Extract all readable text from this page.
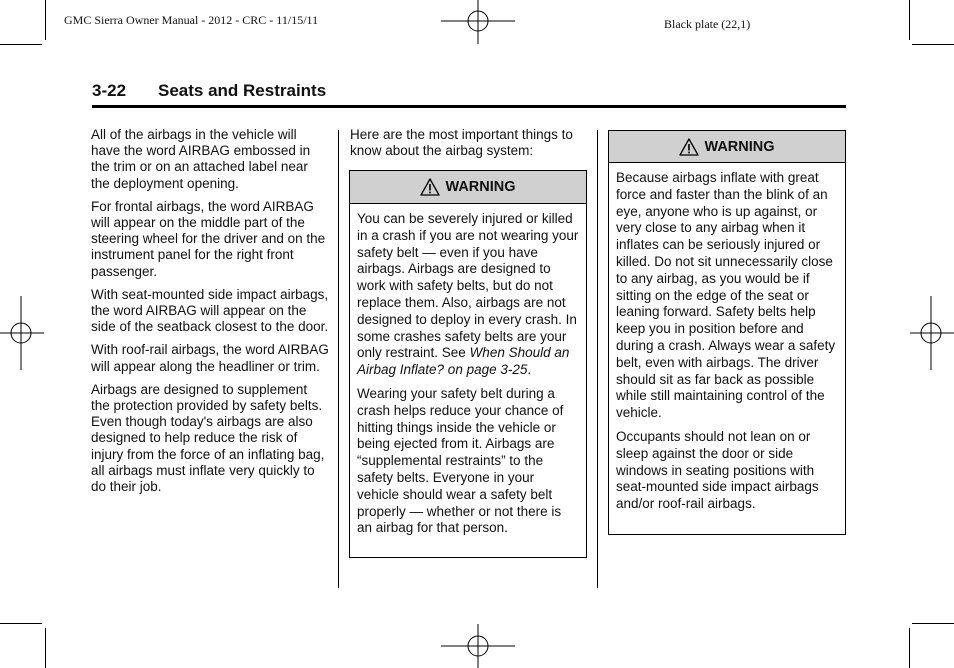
GMC Sierra Owner Manual - 2012 - CRC - 11/15/11	Black plate (22,1)
3-22 Seats and Restraints

All of the airbags in the vehicle will have the word AIRBAG embossed in the trim or on an attached label near the deployment opening.

For frontal airbags, the word AIRBAG will appear on the middle part of the steering wheel for the driver and on the instrument panel for the right front passenger.

With seat-mounted side impact airbags, the word AIRBAG will appear on the side of the seatback closest to the door.

With roof-rail airbags, the word AIRBAG will appear along the headliner or trim.

Airbags are designed to supplement the protection provided by safety belts. Even though today's airbags are also designed to help reduce the risk of injury from the force of an inflating bag, all airbags must inflate very quickly to do their job.

Here are the most important things to know about the airbag system:
WARNING

You can be severely injured or killed in a crash if you are not wearing your safety belt — even if you have airbags. Airbags are designed to work with safety belts, but do not replace them. Also, airbags are not designed to deploy in every crash. In some crashes safety belts are your only restraint. See When Should an Airbag Inflate? on page 3-25.

Wearing your safety belt during a crash helps reduce your chance of hitting things inside the vehicle or being ejected from it. Airbags are “supplemental restraints” to the safety belts. Everyone in your vehicle should wear a safety belt properly — whether or not there is an airbag for that person.

WARNING

Because airbags inflate with great force and faster than the blink of an eye, anyone who is up against, or very close to any airbag when it inflates can be seriously injured or killed. Do not sit unnecessarily close to any airbag, as you would be if sitting on the edge of the seat or leaning forward. Safety belts help keep you in position before and during a crash. Always wear a safety belt, even with airbags. The driver should sit as far back as possible while still maintaining control of the vehicle.

Occupants should not lean on or sleep against the door or side windows in seating positions with seat-mounted side impact airbags and/or roof-rail airbags.
